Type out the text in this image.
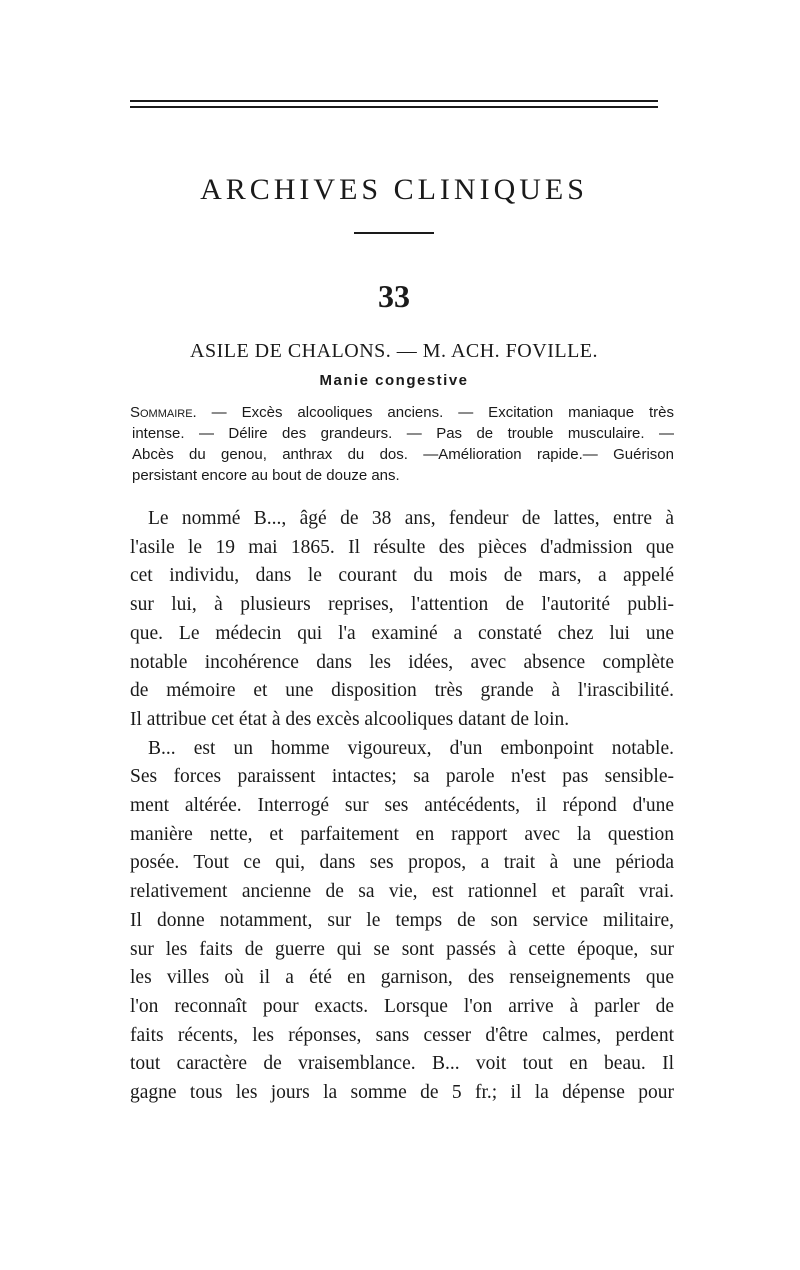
ARCHIVES CLINIQUES
33
ASILE DE CHALONS. — M. ACH. FOVILLE.
Manie congestive
Sommaire. — Excès alcooliques anciens. — Excitation maniaque très
intense. — Délire des grandeurs. — Pas de trouble musculaire. —
Abcès du genou, anthrax du dos. —Amélioration rapide.— Guérison
persistant encore au bout de douze ans.
Le nommé B..., âgé de 38 ans, fendeur de lattes, entre à
l'asile le 19 mai 1865. Il résulte des pièces d'admission que
cet individu, dans le courant du mois de mars, a appelé
sur lui, à plusieurs reprises, l'attention de l'autorité publi-
que. Le médecin qui l'a examiné a constaté chez lui une
notable incohérence dans les idées, avec absence complète
de mémoire et une disposition très grande à l'irascibilité.
Il attribue cet état à des excès alcooliques datant de loin.
B... est un homme vigoureux, d'un embonpoint notable.
Ses forces paraissent intactes; sa parole n'est pas sensible-
ment altérée. Interrogé sur ses antécédents, il répond d'une
manière nette, et parfaitement en rapport avec la question
posée. Tout ce qui, dans ses propos, a trait à une périoda
relativement ancienne de sa vie, est rationnel et paraît vrai.
Il donne notamment, sur le temps de son service militaire,
sur les faits de guerre qui se sont passés à cette époque, sur
les villes où il a été en garnison, des renseignements que
l'on reconnaît pour exacts. Lorsque l'on arrive à parler de
faits récents, les réponses, sans cesser d'être calmes, perdent
tout caractère de vraisemblance. B... voit tout en beau. Il
gagne tous les jours la somme de 5 fr.; il la dépense pour
